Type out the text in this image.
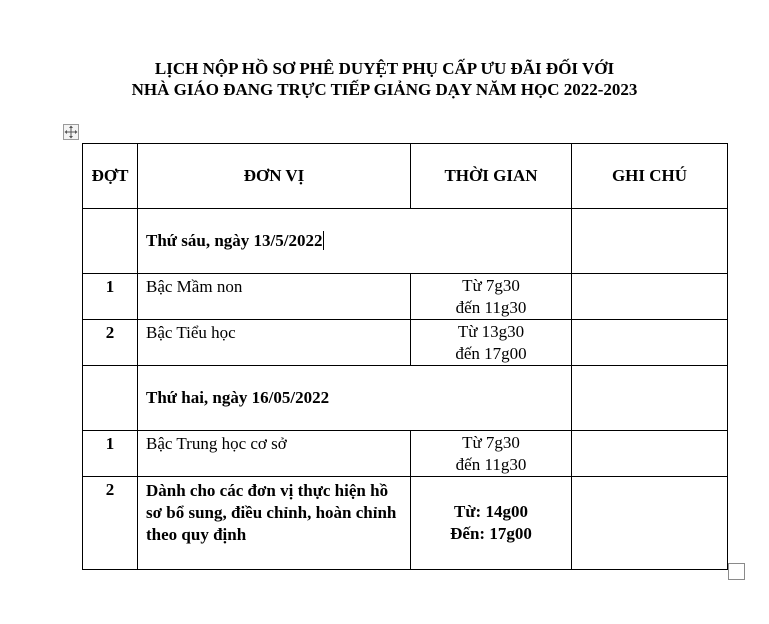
LỊCH NỘP HỒ SƠ PHÊ DUYỆT PHỤ CẤP ƯU ĐÃI ĐỐI VỚI
NHÀ GIÁO ĐANG TRỰC TIẾP GIẢNG DẠY NĂM HỌC 2022-2023
ĐỢT	ĐƠN VỊ	THỜI GIAN	GHI CHÚ
	Thứ sáu, ngày 13/5/2022		
1	Bậc Mầm non	Từ 7g30
đến 11g30	

2	Bậc Tiểu học	Từ 13g30
đến 17g00	

	Thứ hai, ngày 16/05/2022		
1	Bậc Trung học cơ sở	Từ 7g30
đến 11g30	

2	Dành cho các đơn vị thực hiện hồ sơ bổ sung, điều chỉnh, hoàn chỉnh theo quy định	Từ: 14g00
Đến: 17g00	
